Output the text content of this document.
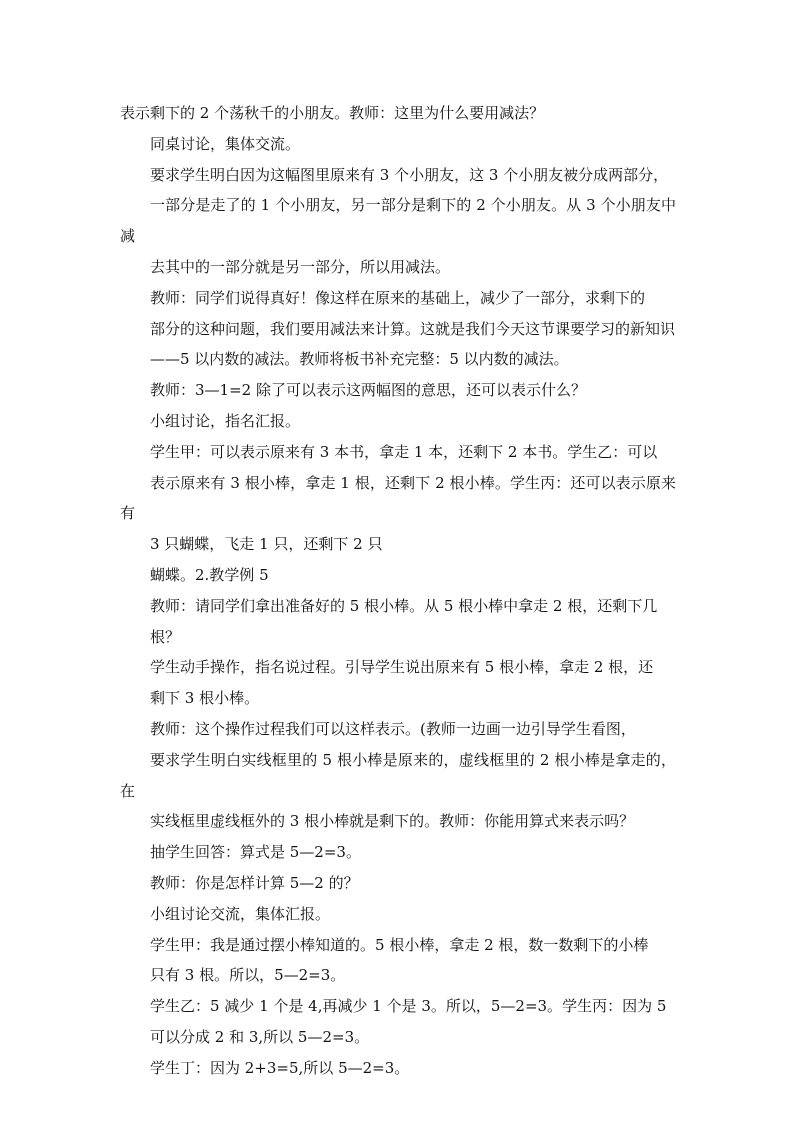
表示剩下的 2 个荡秋千的小朋友。教师：这里为什么要用减法？

同桌讨论，集体交流。

要求学生明白因为这幅图里原来有 3 个小朋友，这 3 个小朋友被分成两部分，
一部分是走了的 1 个小朋友，另一部分是剩下的 2 个小朋友。从 3 个小朋友中减
去其中的一部分就是另一部分，所以用减法。

教师：同学们说得真好！像这样在原来的基础上，减少了一部分，求剩下的
部分的这种问题，我们要用减法来计算。这就是我们今天这节课要学习的新知识
——5 以内数的减法。教师将板书补充完整：5 以内数的减法。

教师：3—1=2 除了可以表示这两幅图的意思，还可以表示什么？

小组讨论，指名汇报。

学生甲：可以表示原来有 3 本书，拿走 1 本，还剩下 2 本书。学生乙：可以
表示原来有 3 根小棒，拿走 1 根，还剩下 2 根小棒。学生丙：还可以表示原来有
3 只蝴蝶，飞走 1 只，还剩下 2 只

蝴蝶。2.教学例 5

教师：请同学们拿出准备好的 5 根小棒。从 5 根小棒中拿走 2 根，还剩下几
根？

学生动手操作，指名说过程。引导学生说出原来有 5 根小棒，拿走 2 根，还
剩下 3 根小棒。

教师：这个操作过程我们可以这样表示。(教师一边画一边引导学生看图，
要求学生明白实线框里的 5 根小棒是原来的，虚线框里的 2 根小棒是拿走的，在
实线框里虚线框外的 3 根小棒就是剩下的。教师：你能用算式来表示吗？

抽学生回答：算式是 5—2=3。

教师：你是怎样计算 5—2 的？

小组讨论交流，集体汇报。

学生甲：我是通过摆小棒知道的。5 根小棒，拿走 2 根，数一数剩下的小棒
只有 3 根。所以，5—2=3。

学生乙：5 减少 1 个是 4,再减少 1 个是 3。所以，5—2=3。学生丙：因为 5
可以分成 2 和 3,所以 5—2=3。

学生丁：因为 2+3=5,所以 5—2=3。
